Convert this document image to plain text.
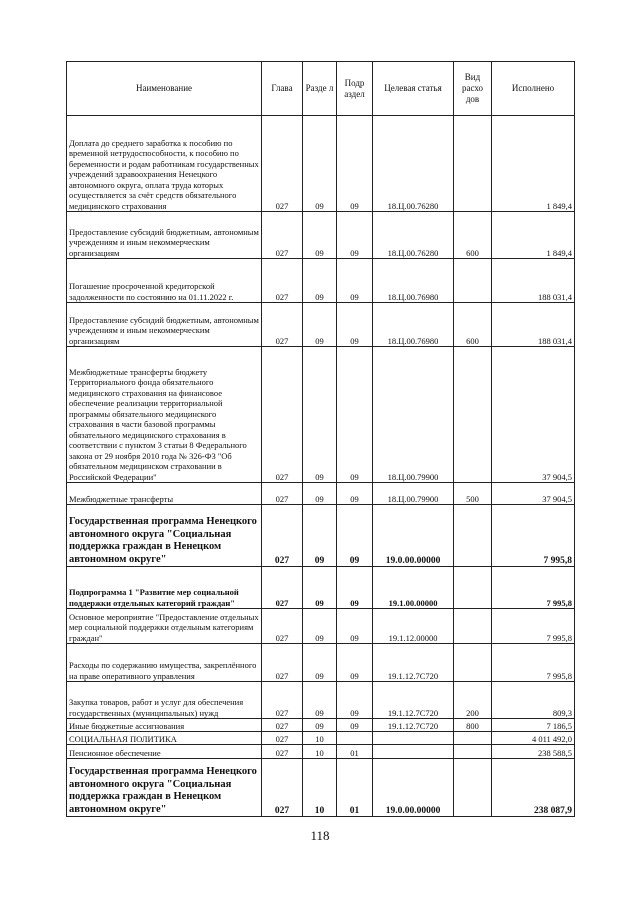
Наименование	Глава	Разде л	Подр аздел	Целевая статья	Вид расхо дов	Исполнено
Доплата до среднего заработка к пособию по временной нетрудоспособности, к пособию по беременности и родам работникам государственных учреждений здравоохранения Ненецкого автономного округа, оплата труда которых осуществляется за счёт средств обязательного медицинского страхования	027	09	09	18.Ц.00.76280		1 849,4
Предоставление субсидий бюджетным, автономным учреждениям и иным некоммерческим организациям	027	09	09	18.Ц.00.76280	600	1 849,4
Погашение просроченной кредиторской задолженности по состоянию на 01.11.2022 г.	027	09	09	18.Ц.00.76980		188 031,4
Предоставление субсидий бюджетным, автономным учреждениям и иным некоммерческим организациям	027	09	09	18.Ц.00.76980	600	188 031,4
Межбюджетные трансферты бюджету Территориального фонда обязательного медицинского страхования на финансовое обеспечение реализации территориальной программы обязательного медицинского страхования в части базовой программы обязательного медицинского страхования в соответствии с пунктом 3 статьи 8 Федерального закона от 29 ноября 2010 года № 326-ФЗ "Об обязательном медицинском страховании в Российской Федерации"	027	09	09	18.Ц.00.79900		37 904,5
Межбюджетные трансферты	027	09	09	18.Ц.00.79900	500	37 904,5
Государственная программа Ненецкого автономного округа "Социальная поддержка граждан в Ненецком автономном округе"	027	09	09	19.0.00.00000		7 995,8
Подпрограмма 1 "Развитие мер социальной поддержки отдельных категорий граждан"	027	09	09	19.1.00.00000		7 995,8
Основное мероприятие "Предоставление отдельных мер социальной поддержки отдельным категориям граждан"	027	09	09	19.1.12.00000		7 995,8
Расходы по содержанию имущества, закреплённого на праве оперативного управления	027	09	09	19.1.12.7С720		7 995,8
Закупка товаров, работ и услуг для обеспечения государственных (муниципальных) нужд	027	09	09	19.1.12.7С720	200	809,3
Иные бюджетные ассигнования	027	09	09	19.1.12.7С720	800	7 186,5
СОЦИАЛЬНАЯ ПОЛИТИКА	027	10				4 011 492,0
Пенсионное обеспечение	027	10	01			238 588,5
Государственная программа Ненецкого автономного округа "Социальная поддержка граждан в Ненецком автономном округе"	027	10	01	19.0.00.00000		238 087,9
118
